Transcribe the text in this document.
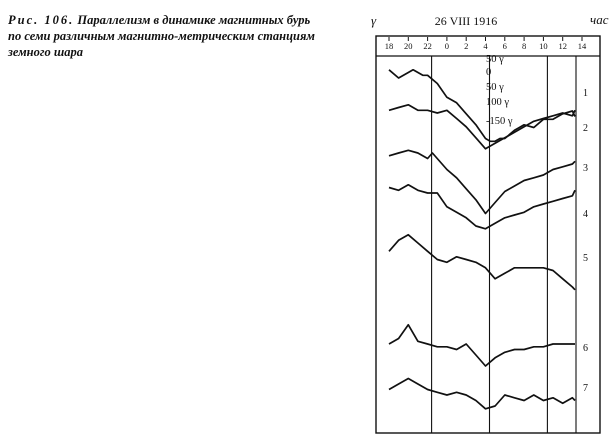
Рис. 106. Параллелизм в динамике магнитных бурь по семи различным магнитно-метрическим станциям земного шара	18 20 22 0 2 4 6 8 10 12 14
1
2
3
4
5
6
7
50 γ
0
50 γ
100 γ
-150 γ
26 VIII 1916
γ	час
